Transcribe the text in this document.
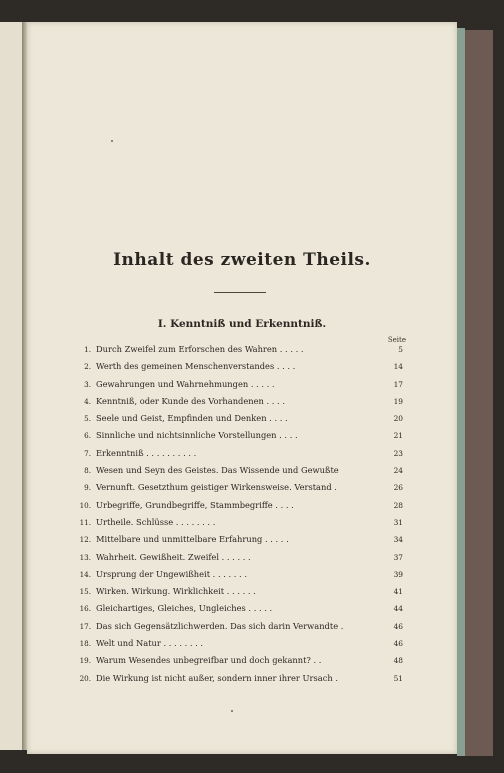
Inhalt des zweiten Theils.
I. Kenntniß und Erkenntniß.
Seite
1. Durch Zweifel zum Erforschen des Wahren . . . . .	5
2. Werth des gemeinen Menschenverstandes . . . .	14
3. Gewahrungen und Wahrnehmungen . . . . .	17
4. Kenntniß, oder Kunde des Vorhandenen . . . .	19
5. Seele und Geist, Empfinden und Denken . . . .	20
6. Sinnliche und nichtsinnliche Vorstellungen . . . .	21
7. Erkenntniß . . . . . . . . . .	23
8. Wesen und Seyn des Geistes. Das Wissende und Gewußte	24
9. Vernunft. Gesetzthum geistiger Wirkensweise. Verstand .	26
10. Urbegriffe, Grundbegriffe, Stammbegriffe . . . .	28
11. Urtheile. Schlüsse . . . . . . . .	31
12. Mittelbare und unmittelbare Erfahrung . . . . .	34
13. Wahrheit. Gewißheit. Zweifel . . . . . .	37
14. Ursprung der Ungewißheit . . . . . . .	39
15. Wirken. Wirkung. Wirklichkeit . . . . . .	41
16. Gleichartiges, Gleiches, Ungleiches . . . . .	44
17. Das sich Gegensätzlichwerden. Das sich darin Verwandte .	46
18. Welt und Natur . . . . . . . .	46
19. Warum Wesendes unbegreifbar und doch gekannt? . .	48
20. Die Wirkung ist nicht außer, sondern inner ihrer Ursach .	51
